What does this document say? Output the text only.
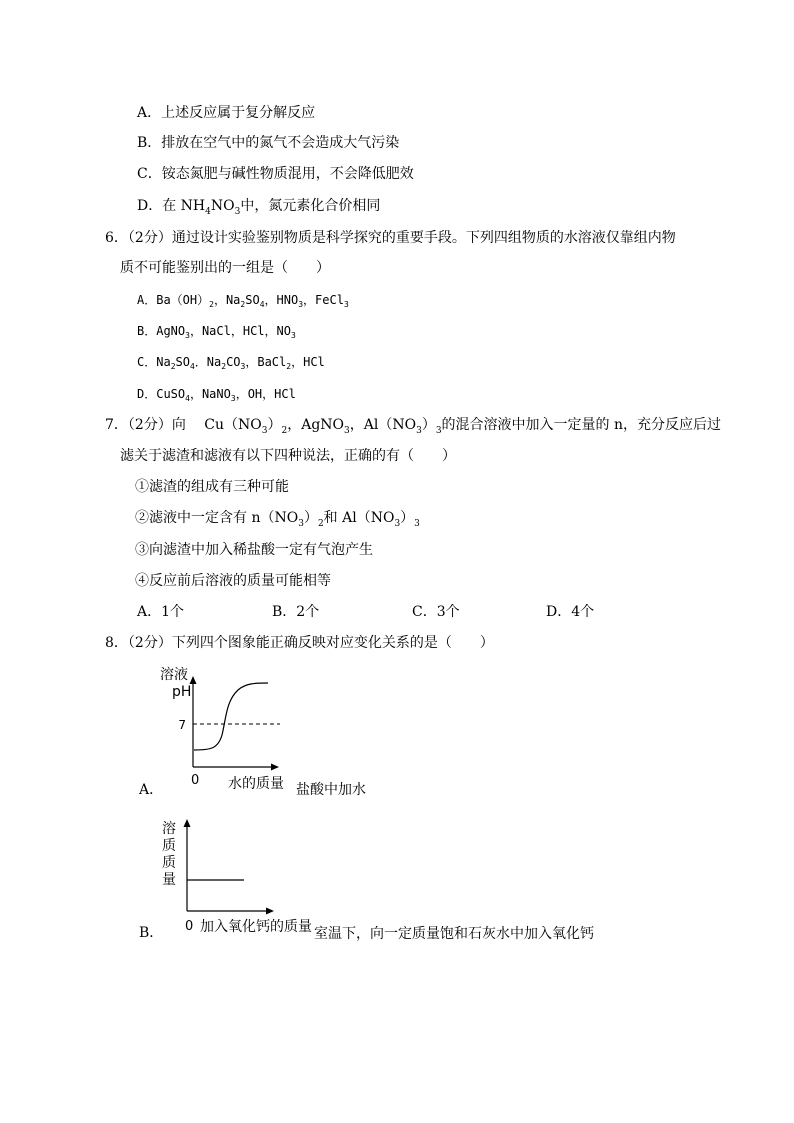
A．上述反应属于复分解反应
B．排放在空气中的氮气不会造成大气污染
C．铵态氮肥与碱性物质混用，不会降低肥效
D．在 $NH_4NO_3$中，氮元素化合价相同
6．（2分）通过设计实验鉴别物质是科学探究的重要手段。下列四组物质的水溶液仅靠组内物
质不可能鉴别出的一组是（　　）
A．$Ba(OH)_2$，$Na_2SO_4$，$HNO_3$，FeCl$_3$
B．AgNO$_3$，NaCl，HCl，$NO_3$
C．$Na_2SO_4$．$Na_2CO_3$，BaCl$_2$，HCl
D．CuSO$_4$，NaNO$_3$，OH，HCl
7．（2分）向　 $Cu(NO_3)_2$，AgNO$_3$，$Al(NO_3)_3$的混合溶液中加入一定量的 n，充分反应后过
滤关于滤渣和滤液有以下四种说法，正确的有（　　）
①滤渣的组成有三种可能
②滤液中一定含有 $n(NO_3)_2$和 $Al(NO_3)_3$
③向滤渣中加入稀盐酸一定有气泡产生
④反应前后溶液的质量可能相等
A．1个	B．2个	C．3个	D．4个
8．（2分）下列四个图象能正确反映对应变化关系的是（　　）
A．
溶液
pH
7
0 水的质量 盐酸中加水
B．
溶
质
质
量
0 加入氧化钙的质量 室温下，向一定质量饱和石灰水中加入氧化钙
